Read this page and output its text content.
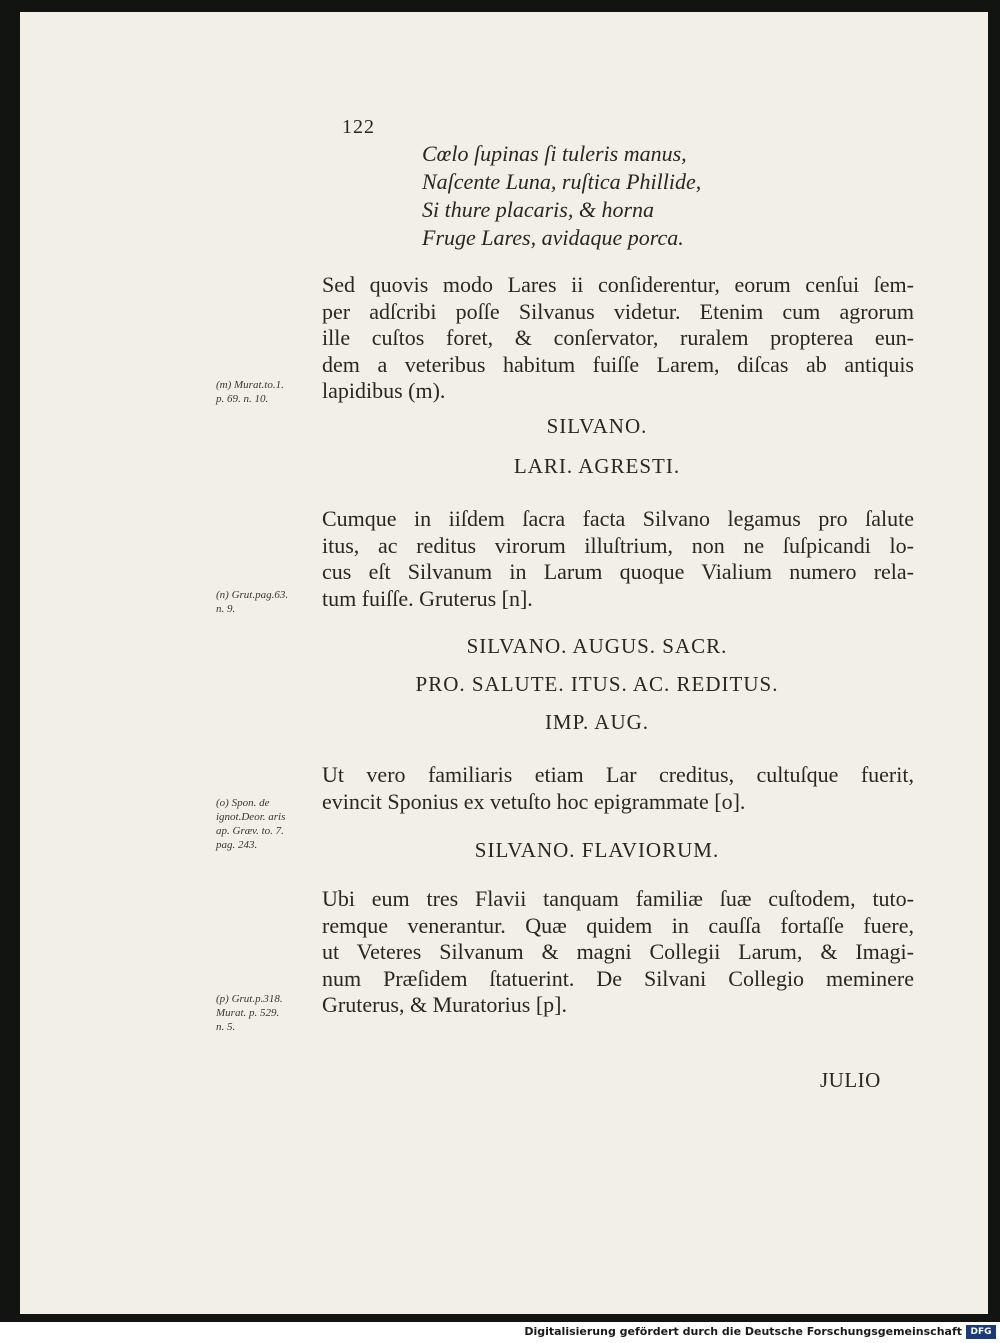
122
Cœlo ſupinas ſi tuleris manus,
Naſcente Luna, ruſtica Phillide,
Si thure placaris, & horna
Fruge Lares, avidaque porca.
Sed quovis modo Lares ii conſiderentur, eorum cenſui ſem-
per adſcribi poſſe Silvanus videtur. Etenim cum agrorum
ille cuſtos foret, & conſervator, ruralem propterea eun-
dem a veteribus habitum fuiſſe Larem, diſcas ab antiquis
lapidibus (m).
(m) Murat.to.1.
p. 69. n. 10.
SILVANO.
LARI. AGRESTI.
Cumque in iiſdem ſacra facta Silvano legamus pro ſalute
itus, ac reditus virorum illuſtrium, non ne ſuſpicandi lo-
cus eſt Silvanum in Larum quoque Vialium numero rela-
tum fuiſſe. Gruterus [n].
(n) Grut.pag.63.
n. 9.
SILVANO. AUGUS. SACR.
PRO. SALUTE. ITUS. AC. REDITUS.
IMP. AUG.
Ut vero familiaris etiam Lar creditus, cultuſque fuerit,
evincit Sponius ex vetuſto hoc epigrammate [o].
(o) Spon. de
ignot.Deor. aris
ap. Græv. to. 7.
pag. 243.	SILVANO. FLAVIORUM.
Ubi eum tres Flavii tanquam familiæ ſuæ cuſtodem, tuto-
remque venerantur. Quæ quidem in cauſſa fortaſſe fuere,
ut Veteres Silvanum & magni Collegii Larum, & Imagi-
num Præſidem ſtatuerint. De Silvani Collegio meminere
Gruterus, & Muratorius [p].
(p) Grut.p.318.
Murat. p. 529.
n. 5.
JULIO
Digitalisierung gefördert durch die Deutsche Forschungsgemeinschaft DFG
